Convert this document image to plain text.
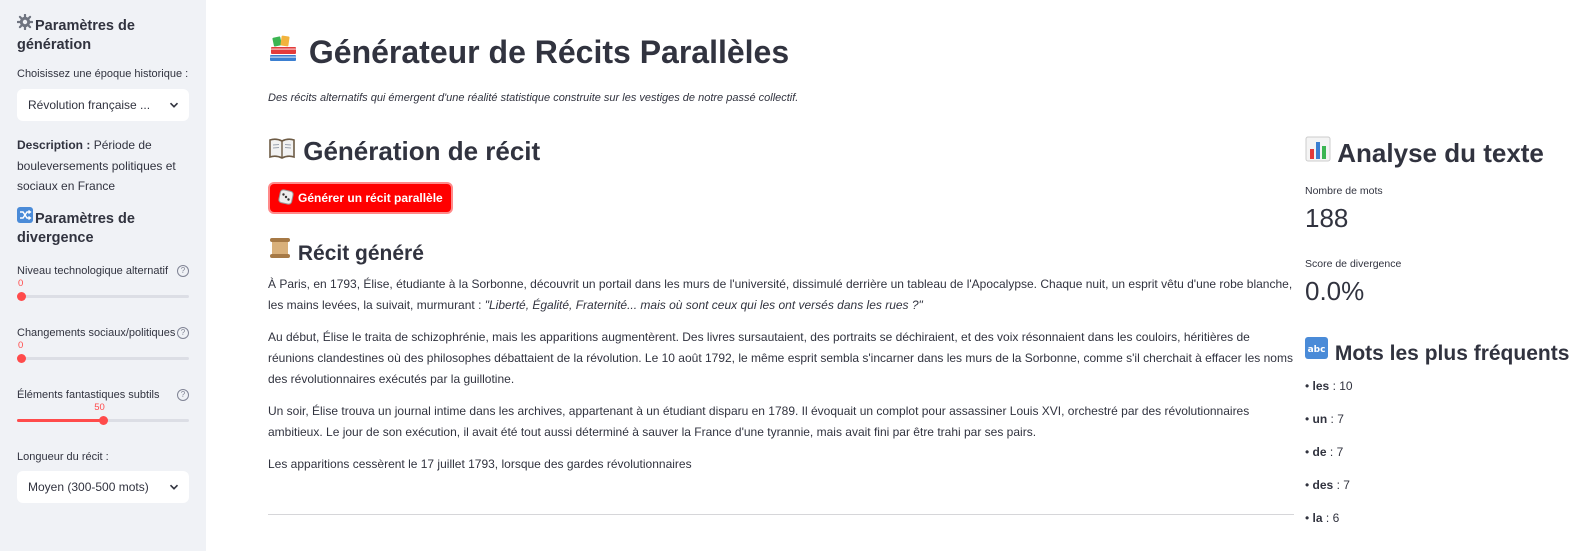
Paramètres de génération
Choisissez une époque historique :
Révolution française ...
Description : Période de bouleversements politiques et sociaux en France
Paramètres de divergence
Niveau technologique alternatif	?
0
Changements sociaux/politiques ?
0
Éléments fantastiques subtils	?
50
Longueur du récit :
Moyen (300-500 mots)
Générateur de Récits Parallèles
Des récits alternatifs qui émergent d'une réalité statistique construite sur les vestiges de notre passé collectif.
Génération de récit
Générer un récit parallèle
Récit généré

À Paris, en 1793, Élise, étudiante à la Sorbonne, découvrit un portail dans les murs de l'université, dissimulé derrière un tableau de l'Apocalypse. Chaque nuit, un esprit vêtu d'une robe blanche, les mains levées, la suivait, murmurant : "Liberté, Égalité, Fraternité... mais où sont ceux qui les ont versés dans les rues ?"

Au début, Élise le traita de schizophrénie, mais les apparitions augmentèrent. Des livres sursautaient, des portraits se déchiraient, et des voix résonnaient dans les couloirs, héritières de réunions clandestines où des philosophes débattaient de la révolution. Le 10 août 1792, le même esprit sembla s'incarner dans les murs de la Sorbonne, comme s'il cherchait à effacer les noms des révolutionnaires exécutés par la guillotine.

Un soir, Élise trouva un journal intime dans les archives, appartenant à un étudiant disparu en 1789. Il évoquait un complot pour assassiner Louis XVI, orchestré par des révolutionnaires ambitieux. Le jour de son exécution, il avait été tout aussi déterminé à sauver la France d'une tyrannie, mais avait fini par être trahi par ses pairs.

Les apparitions cessèrent le 17 juillet 1793, lorsque des gardes révolutionnaires

Analyse du texte
Nombre de mots
188
Score de divergence
0.0%
abc Mots les plus fréquents
• les : 10
• un : 7
• de : 7
• des : 7
• la : 6
